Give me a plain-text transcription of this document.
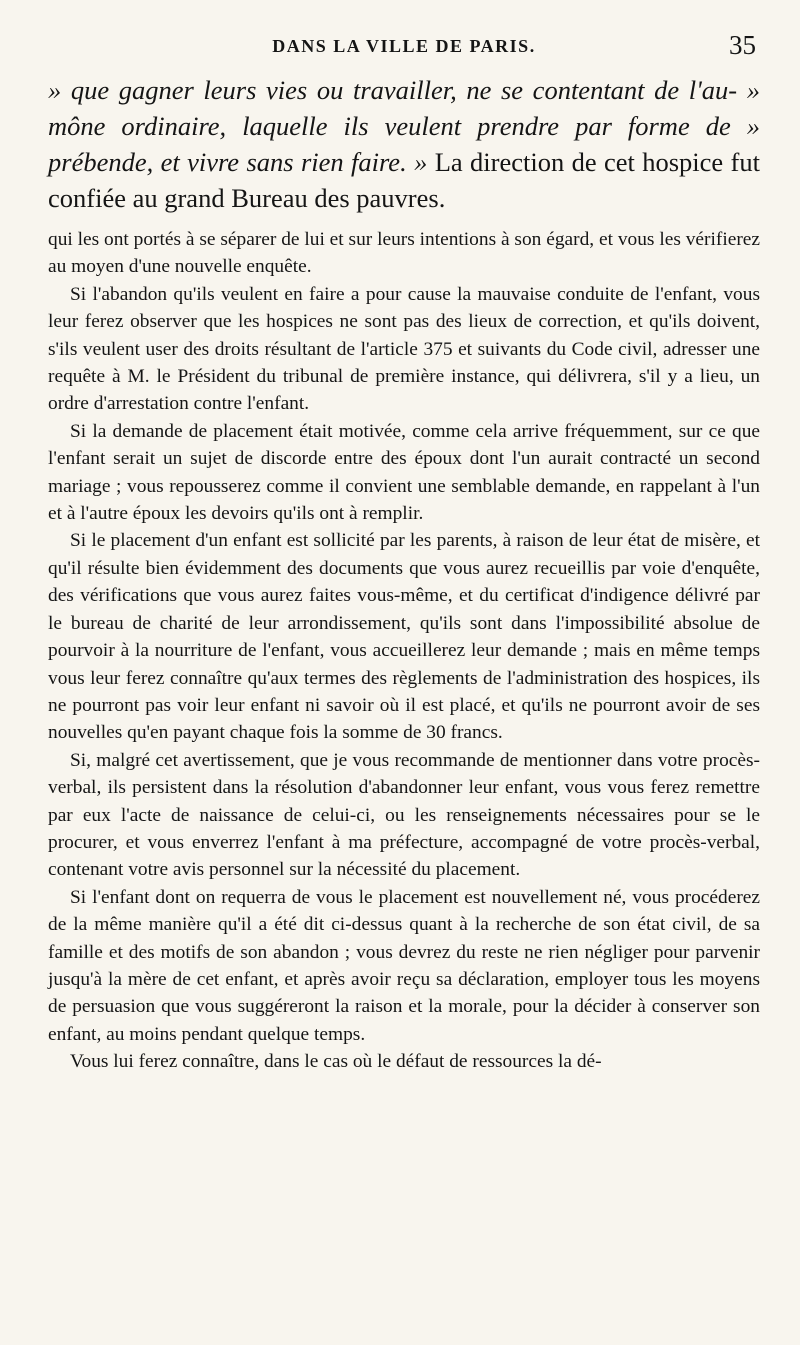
DANS LA VILLE DE PARIS.	35
» que gagner leurs vies ou travailler, ne se contentant de l'au- » mône ordinaire, laquelle ils veulent prendre par forme de » prébende, et vivre sans rien faire. » La direction de cet hospice fut confiée au grand Bureau des pauvres.

qui les ont portés à se séparer de lui et sur leurs intentions à son égard, et vous les vérifierez au moyen d'une nouvelle enquête.

Si l'abandon qu'ils veulent en faire a pour cause la mauvaise conduite de l'enfant, vous leur ferez observer que les hospices ne sont pas des lieux de correction, et qu'ils doivent, s'ils veulent user des droits résultant de l'article 375 et suivants du Code civil, adresser une requête à M. le Président du tribunal de première instance, qui délivrera, s'il y a lieu, un ordre d'arrestation contre l'enfant.

Si la demande de placement était motivée, comme cela arrive fréquemment, sur ce que l'enfant serait un sujet de discorde entre des époux dont l'un aurait contracté un second mariage ; vous repousserez comme il convient une semblable demande, en rappelant à l'un et à l'autre époux les devoirs qu'ils ont à remplir.

Si le placement d'un enfant est sollicité par les parents, à raison de leur état de misère, et qu'il résulte bien évidemment des documents que vous aurez recueillis par voie d'enquête, des vérifications que vous aurez faites vous-même, et du certificat d'indigence délivré par le bureau de charité de leur arrondissement, qu'ils sont dans l'impossibilité absolue de pourvoir à la nourriture de l'enfant, vous accueillerez leur demande ; mais en même temps vous leur ferez connaître qu'aux termes des règlements de l'administration des hospices, ils ne pourront pas voir leur enfant ni savoir où il est placé, et qu'ils ne pourront avoir de ses nouvelles qu'en payant chaque fois la somme de 30 francs.

Si, malgré cet avertissement, que je vous recommande de mentionner dans votre procès-verbal, ils persistent dans la résolution d'abandonner leur enfant, vous vous ferez remettre par eux l'acte de naissance de celui-ci, ou les renseignements nécessaires pour se le procurer, et vous enverrez l'enfant à ma préfecture, accompagné de votre procès-verbal, contenant votre avis personnel sur la nécessité du placement.

Si l'enfant dont on requerra de vous le placement est nouvellement né, vous procéderez de la même manière qu'il a été dit ci-dessus quant à la recherche de son état civil, de sa famille et des motifs de son abandon ; vous devrez du reste ne rien négliger pour parvenir jusqu'à la mère de cet enfant, et après avoir reçu sa déclaration, employer tous les moyens de persuasion que vous suggéreront la raison et la morale, pour la décider à conserver son enfant, au moins pendant quelque temps.

Vous lui ferez connaître, dans le cas où le défaut de ressources la dé-
